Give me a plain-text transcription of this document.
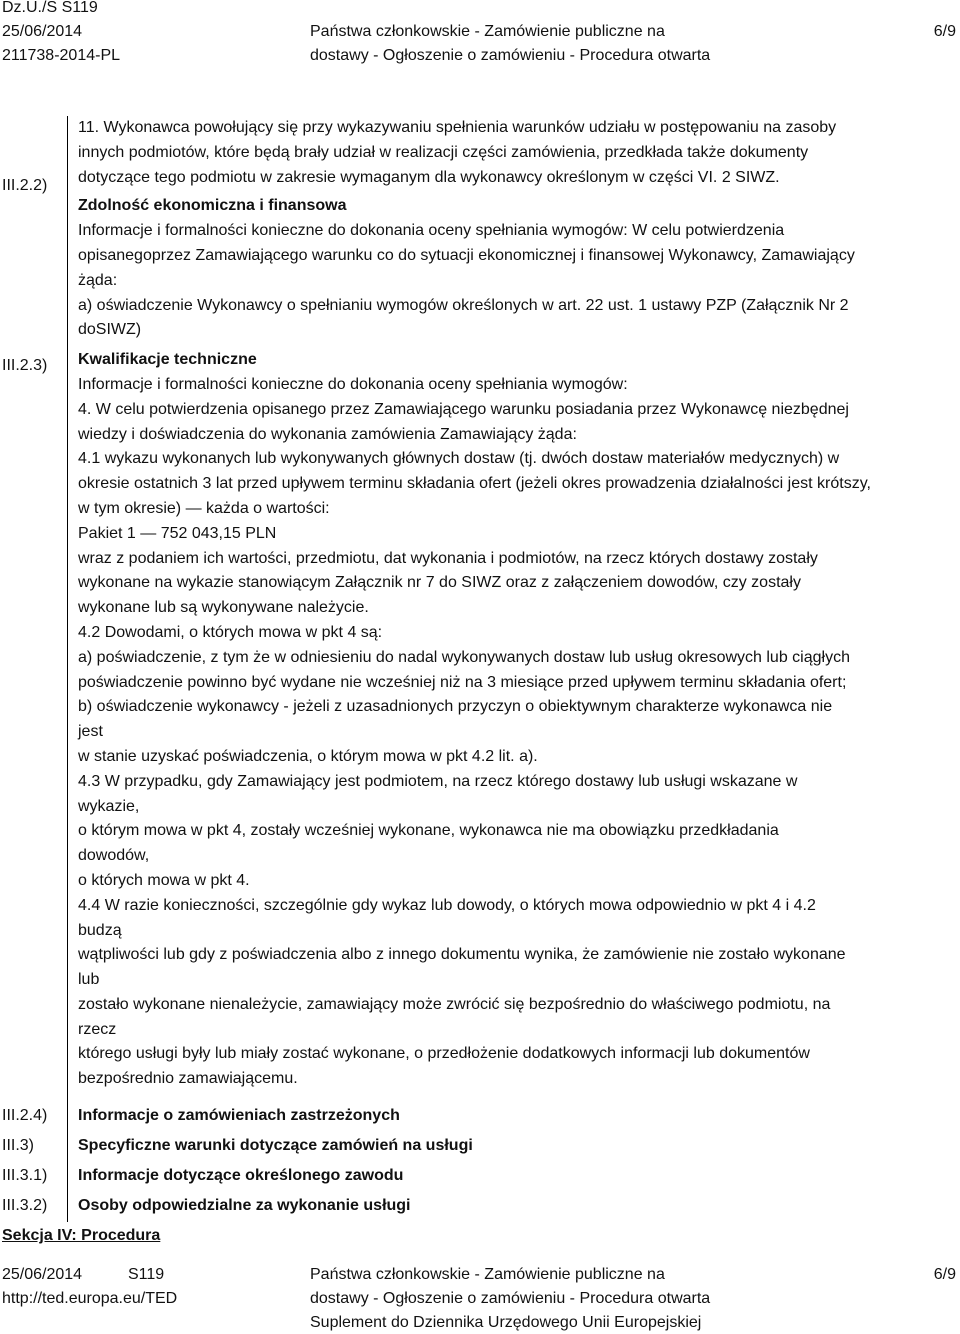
Dz.U./S S119
25/06/2014
211738-2014-PL
Państwa członkowskie - Zamówienie publiczne na
dostawy - Ogłoszenie o zamówieniu - Procedura otwarta
6/9
III.2.2)
III.2.3)
III.2.4)
III.3)
III.3.1)
III.3.2)
11. Wykonawca powołujący się przy wykazywaniu spełnienia warunków udziału w postępowaniu na zasoby
innych podmiotów, które będą brały udział w realizacji części zamówienia, przedkłada także dokumenty
dotyczące tego podmiotu w zakresie wymaganym dla wykonawcy określonym w części VI. 2 SIWZ.
Zdolność ekonomiczna i finansowa
Informacje i formalności konieczne do dokonania oceny spełniania wymogów: W celu potwierdzenia
opisanegoprzez Zamawiającego warunku co do sytuacji ekonomicznej i finansowej Wykonawcy, Zamawiający
żąda:
a) oświadczenie Wykonawcy o spełnianiu wymogów określonych w art. 22 ust. 1 ustawy PZP (Załącznik Nr 2
doSIWZ)
Kwalifikacje techniczne
Informacje i formalności konieczne do dokonania oceny spełniania wymogów:
4. W celu potwierdzenia opisanego przez Zamawiającego warunku posiadania przez Wykonawcę niezbędnej
wiedzy i doświadczenia do wykonania zamówienia Zamawiający żąda:
4.1 wykazu wykonanych lub wykonywanych głównych dostaw (tj. dwóch dostaw materiałów medycznych) w
okresie ostatnich 3 lat przed upływem terminu składania ofert (jeżeli okres prowadzenia działalności jest krótszy,
w tym okresie) — każda o wartości:
Pakiet 1 — 752 043,15 PLN
wraz z podaniem ich wartości, przedmiotu, dat wykonania i podmiotów, na rzecz których dostawy zostały
wykonane na wykazie stanowiącym Załącznik nr 7 do SIWZ oraz z załączeniem dowodów, czy zostały
wykonane lub są wykonywane należycie.
4.2 Dowodami, o których mowa w pkt 4 są:
a) poświadczenie, z tym że w odniesieniu do nadal wykonywanych dostaw lub usług okresowych lub ciągłych
poświadczenie powinno być wydane nie wcześniej niż na 3 miesiące przed upływem terminu składania ofert;
b) oświadczenie wykonawcy - jeżeli z uzasadnionych przyczyn o obiektywnym charakterze wykonawca nie
jest
w stanie uzyskać poświadczenia, o którym mowa w pkt 4.2 lit. a).
4.3 W przypadku, gdy Zamawiający jest podmiotem, na rzecz którego dostawy lub usługi wskazane w
wykazie,
o którym mowa w pkt 4, zostały wcześniej wykonane, wykonawca nie ma obowiązku przedkładania
dowodów,
o których mowa w pkt 4.
4.4 W razie konieczności, szczególnie gdy wykaz lub dowody, o których mowa odpowiednio w pkt 4 i 4.2
budzą
wątpliwości lub gdy z poświadczenia albo z innego dokumentu wynika, że zamówienie nie zostało wykonane
lub
zostało wykonane nienależycie, zamawiający może zwrócić się bezpośrednio do właściwego podmiotu, na
rzecz
którego usługi były lub miały zostać wykonane, o przedłożenie dodatkowych informacji lub dokumentów
bezpośrednio zamawiającemu.
Informacje o zamówieniach zastrzeżonych
Specyficzne warunki dotyczące zamówień na usługi
Informacje dotyczące określonego zawodu
Osoby odpowiedzialne za wykonanie usługi
Sekcja IV: Procedura
25/06/2014	S119
http://ted.europa.eu/TED
Państwa członkowskie - Zamówienie publiczne na
dostawy - Ogłoszenie o zamówieniu - Procedura otwarta
Suplement do Dziennika Urzędowego Unii Europejskiej
6/9
